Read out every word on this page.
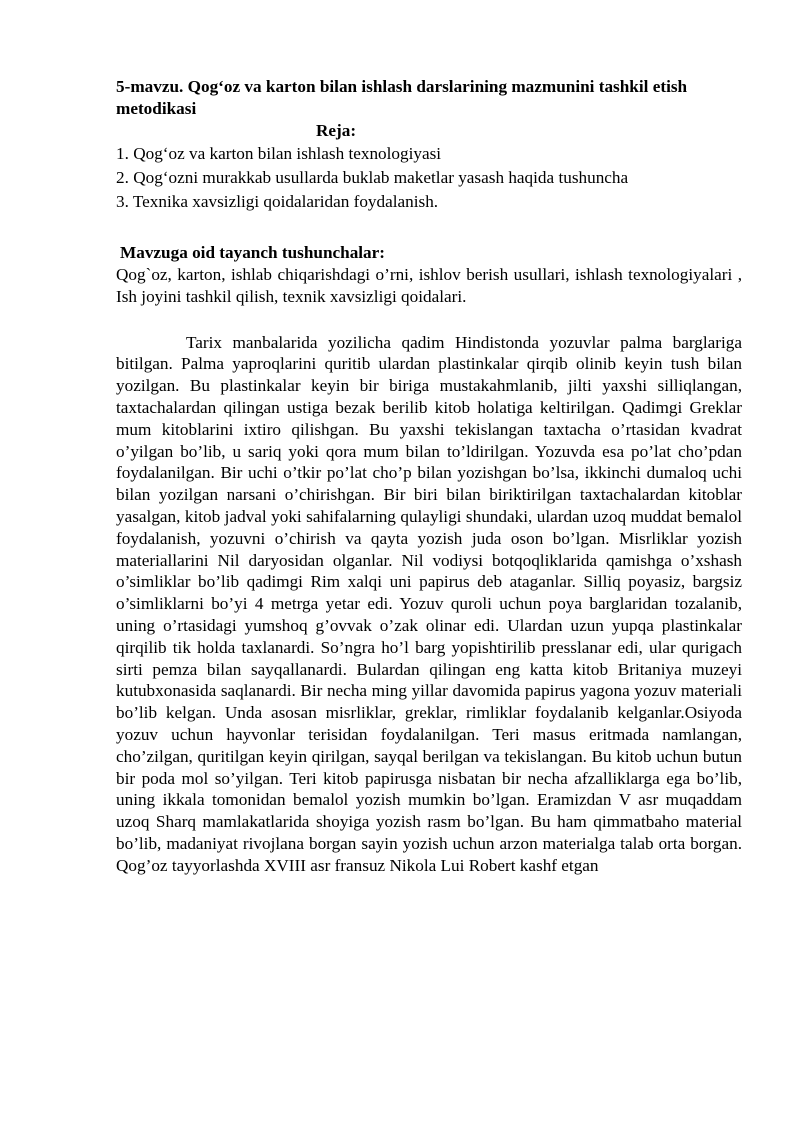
5-mavzu. Qog‘oz va karton bilan ishlash darslarining mazmunini tashkil etish metodikasi

Reja:

1. Qog‘oz va karton bilan ishlash texnologiyasi
2. Qog‘ozni murakkab usullarda buklab maketlar yasash haqida tushuncha
3. Texnika xavsizligi qoidalaridan foydalanish.

Mavzuga oid tayanch tushunchalar:

Qog`oz, karton, ishlab chiqarishdagi o’rni, ishlov berish usullari, ishlash texnologiyalari , Ish joyini tashkil qilish, texnik xavsizligi qoidalari.

Tarix manbalarida yozilicha qadim Hindistonda yozuvlar palma barglariga bitilgan. Palma yaproqlarini quritib ulardan plastinkalar qirqib olinib keyin tush bilan yozilgan. Bu plastinkalar keyin bir biriga mustakahmlanib, jilti yaxshi silliqlangan, taxtachalardan qilingan ustiga bezak berilib kitob holatiga keltirilgan. Qadimgi Greklar mum kitoblarini ixtiro qilishgan. Bu yaxshi tekislangan taxtacha o’rtasidan kvadrat o’yilgan bo’lib, u sariq yoki qora mum bilan to’ldirilgan. Yozuvda esa po’lat cho’pdan foydalanilgan. Bir uchi o’tkir po’lat cho’p bilan yozishgan bo’lsa, ikkinchi dumaloq uchi bilan yozilgan narsani o’chirishgan. Bir biri bilan biriktirilgan taxtachalardan kitoblar yasalgan, kitob jadval yoki sahifalarning qulayligi shundaki, ulardan uzoq muddat bemalol foydalanish, yozuvni o’chirish va qayta yozish juda oson bo’lgan. Misrliklar yozish materiallarini Nil daryosidan olganlar. Nil vodiysi botqoqliklarida qamishga o’xshash o’simliklar bo’lib qadimgi Rim xalqi uni papirus deb ataganlar. Silliq poyasiz, bargsiz o’simliklarni bo’yi 4 metrga yetar edi. Yozuv quroli uchun poya barglaridan tozalanib, uning o’rtasidagi yumshoq g’ovvak o’zak olinar edi. Ulardan uzun yupqa plastinkalar qirqilib tik holda taxlanardi. So’ngra ho’l barg yopishtirilib presslanar edi, ular qurigach sirti pemza bilan sayqallanardi. Bulardan qilingan eng katta kitob Britaniya muzeyi kutubxonasida saqlanardi. Bir necha ming yillar davomida papirus yagona yozuv materiali bo’lib kelgan. Unda asosan misrliklar, greklar, rimliklar foydalanib kelganlar.Osiyoda yozuv uchun hayvonlar terisidan foydalanilgan. Teri masus eritmada namlangan, cho’zilgan, quritilgan keyin qirilgan, sayqal berilgan va tekislangan. Bu kitob uchun butun bir poda mol so’yilgan. Teri kitob papirusga nisbatan bir necha afzalliklarga ega bo’lib, uning ikkala tomonidan bemalol yozish mumkin bo’lgan. Eramizdan V asr muqaddam uzoq Sharq mamlakatlarida shoyiga yozish rasm bo’lgan. Bu ham qimmatbaho material bo’lib, madaniyat rivojlana borgan sayin yozish uchun arzon materialga talab orta borgan. Qog’oz tayyorlashda XVIII asr fransuz Nikola Lui Robert kashf etgan
